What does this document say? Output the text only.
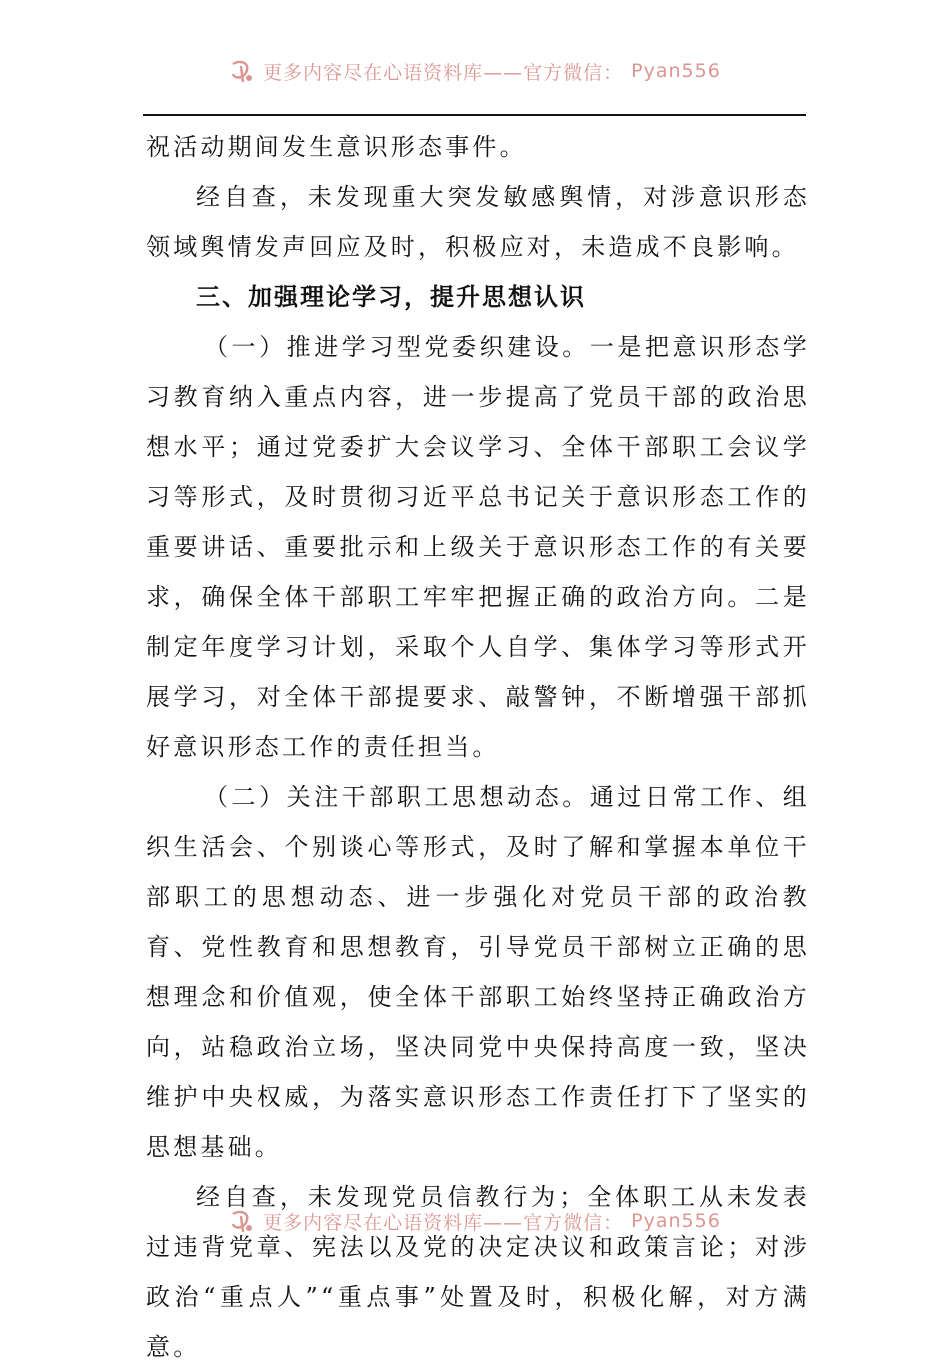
更多内容尽在心语资料库——官方微信： Pyan556

祝活动期间发生意识形态事件。

经自查，未发现重大突发敏感舆情，对涉意识形态领域舆情发声回应及时，积极应对，未造成不良影响。

三、加强理论学习，提升思想认识

（一）推进学习型党委织建设。一是把意识形态学习教育纳入重点内容，进一步提高了党员干部的政治思想水平；通过党委扩大会议学习、全体干部职工会议学习等形式，及时贯彻习近平总书记关于意识形态工作的重要讲话、重要批示和上级关于意识形态工作的有关要求，确保全体干部职工牢牢把握正确的政治方向。二是制定年度学习计划，采取个人自学、集体学习等形式开展学习，对全体干部提要求、敲警钟，不断增强干部抓好意识形态工作的责任担当。

（二）关注干部职工思想动态。通过日常工作、组织生活会、个别谈心等形式，及时了解和掌握本单位干部职工的思想动态、进一步强化对党员干部的政治教育、党性教育和思想教育，引导党员干部树立正确的思想理念和价值观，使全体干部职工始终坚持正确政治方向，站稳政治立场，坚决同党中央保持高度一致，坚决维护中央权威，为落实意识形态工作责任打下了坚实的思想基础。

经自查，未发现党员信教行为；全体职工从未发表过违背党章、宪法以及党的决定决议和政策言论；对涉政治“重点人”“重点事”处置及时，积极化解，对方满意。

更多内容尽在心语资料库——官方微信： Pyan556
